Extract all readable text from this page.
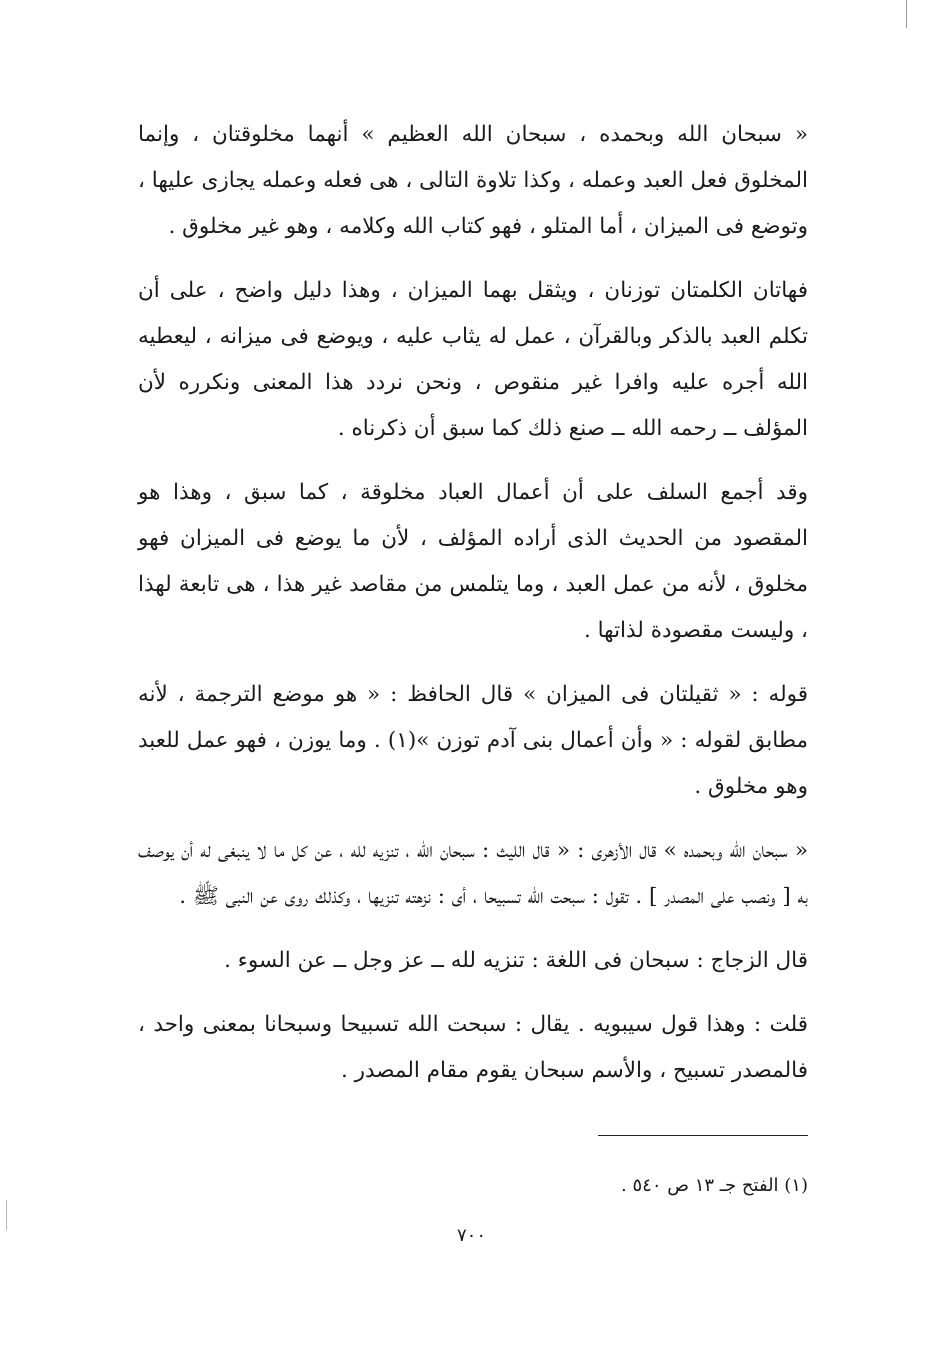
« سبحان الله وبحمده ، سبحان الله العظيم » أنهما مخلوقتان ، وإنما المخلوق فعل العبد وعمله ، وكذا تلاوة التالى ، هى فعله وعمله يجازى عليها ، وتوضع فى الميزان ، أما المتلو ، فهو كتاب الله وكلامه ، وهو غير مخلوق .

فهاتان الكلمتان توزنان ، ويثقل بهما الميزان ، وهذا دليل واضح ، على أن تكلم العبد بالذكر وبالقرآن ، عمل له يثاب عليه ، ويوضع فى ميزانه ، ليعطيه الله أجره عليه وافرا غير منقوص ، ونحن نردد هذا المعنى ونكرره لأن المؤلف ــ رحمه الله ــ صنع ذلك كما سبق أن ذكرناه .

وقد أجمع السلف على أن أعمال العباد مخلوقة ، كما سبق ، وهذا هو المقصود من الحديث الذى أراده المؤلف ، لأن ما يوضع فى الميزان فهو مخلوق ، لأنه من عمل العبد ، وما يتلمس من مقاصد غير هذا ، هى تابعة لهذا ، وليست مقصودة لذاتها .

قوله : « ثقيلتان فى الميزان » قال الحافظ : « هو موضع الترجمة ، لأنه مطابق لقوله : « وأن أعمال بنى آدم توزن »(١) . وما يوزن ، فهو عمل للعبد وهو مخلوق .

« سبحان الله وبحمده » قال الأزهرى : « قال الليث : سبحان الله ، تنزيه لله ، عن كل ما لا ينبغى له أن يوصف به [ ونصب على المصدر ] . تقول : سبحت الله تسبيحا ، أى : نزهته تنزيها ، وكذلك روى عن النبى ﷺ .

قال الزجاج : سبحان فى اللغة : تنزيه لله ــ عز وجل ــ عن السوء .

قلت : وهذا قول سيبويه . يقال : سبحت الله تسبيحا وسبحانا بمعنى واحد ، فالمصدر تسبيح ، والأسم سبحان يقوم مقام المصدر .

(١) الفتح جـ ١٣ ص ٥٤٠ .
٧٠٠
